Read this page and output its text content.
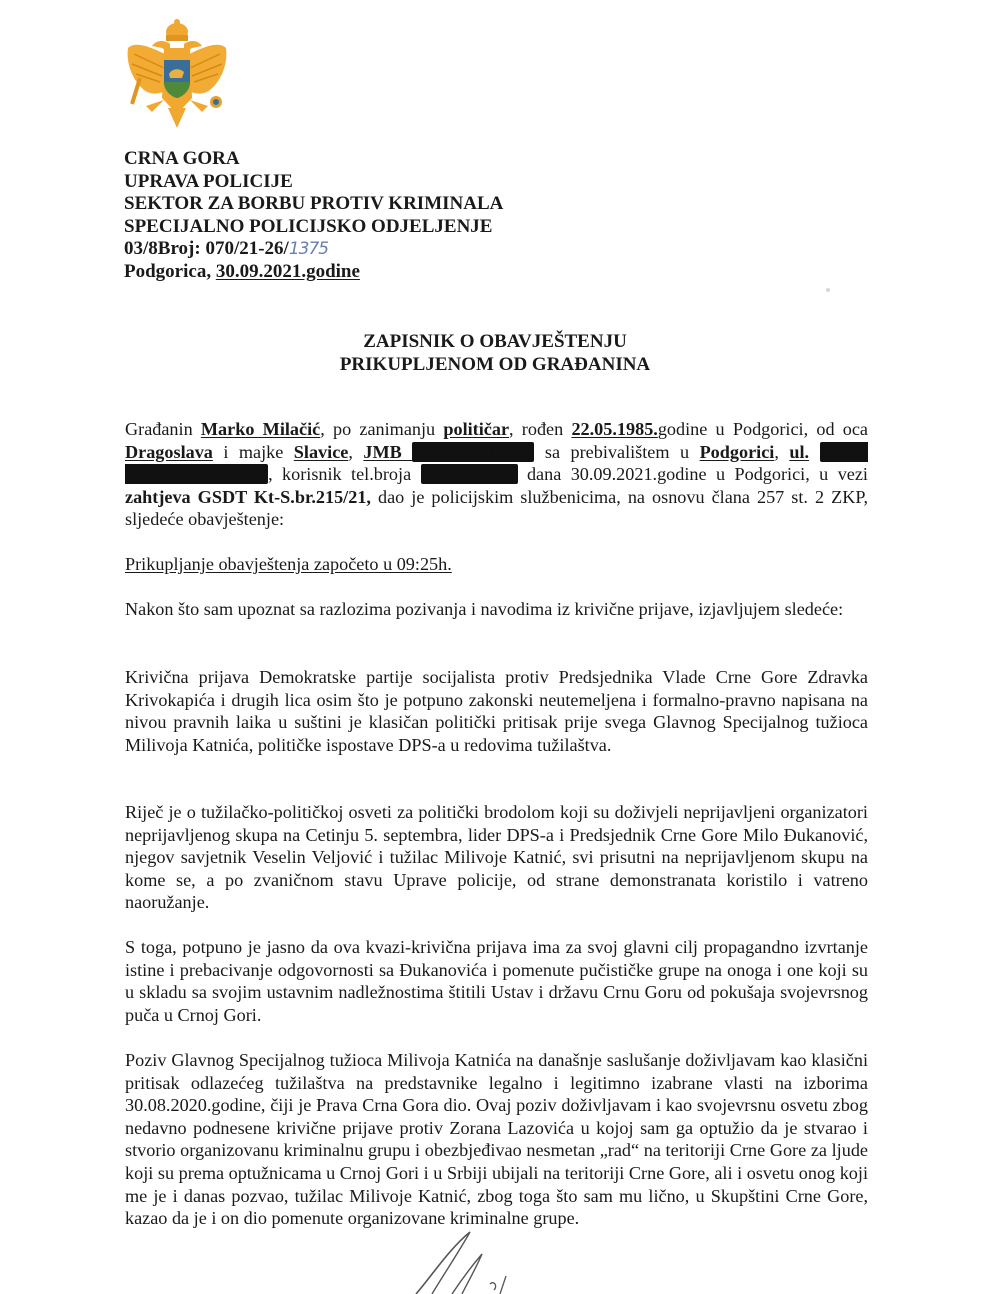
CRNA GORA
UPRAVA POLICIJE
SEKTOR ZA BORBU PROTIV KRIMINALA
SPECIJALNO POLICIJSKO ODJELJENJE
03/8Broj: 070/21-26/1375
Podgorica, 30.09.2021.godine
ZAPISNIK O OBAVJEŠTENJU
PRIKUPLJENOM OD GRAĐANINA

Građanin Marko Milačić, po zanimanju političar, rođen 22.05.1985.godine u Podgorici, od oca Dragoslava i majke Slavice, JMB 2205985210016 sa prebivalištem u Podgorici, ul. Veljka Vlahovića broj 32 , korisnik tel.broja 067/420-252 dana 30.09.2021.godine u Podgorici, u vezi zahtjeva GSDT Kt-S.br.215/21, dao je policijskim službenicima, na osnovu člana 257 st. 2 ZKP, sljedeće obavještenje:

Prikupljanje obavještenja započeto u 09:25h.

Nakon što sam upoznat sa razlozima pozivanja i navodima iz krivične prijave, izjavljujem sledeće:

Krivična prijava Demokratske partije socijalista protiv Predsjednika Vlade Crne Gore Zdravka Krivokapića i drugih lica osim što je potpuno zakonski neutemeljena i formalno-pravno napisana na nivou pravnih laika u suštini je klasičan politički pritisak prije svega Glavnog Specijalnog tužioca Milivoja Katnića, političke ispostave DPS-a u redovima tužilaštva.

Riječ je o tužilačko-političkoj osveti za politički brodolom koji su doživjeli neprijavljeni organizatori neprijavljenog skupa na Cetinju 5. septembra, lider DPS-a i Predsjednik Crne Gore Milo Đukanović, njegov savjetnik Veselin Veljović i tužilac Milivoje Katnić, svi prisutni na neprijavljenom skupu na kome se, a po zvaničnom stavu Uprave policije, od strane demonstranata koristilo i vatreno naoružanje.

S toga, potpuno je jasno da ova kvazi-krivična prijava ima za svoj glavni cilj propagandno izvrtanje istine i prebacivanje odgovornosti sa Đukanovića i pomenute pučističke grupe na onoga i one koji su u skladu sa svojim ustavnim nadležnostima štitili Ustav i državu Crnu Goru od pokušaja svojevrsnog puča u Crnoj Gori.

Poziv Glavnog Specijalnog tužioca Milivoja Katnića na današnje saslušanje doživljavam kao klasični pritisak odlazećeg tužilaštva na predstavnike legalno i legitimno izabrane vlasti na izborima 30.08.2020.godine, čiji je Prava Crna Gora dio. Ovaj poziv doživljavam i kao svojevrsnu osvetu zbog nedavno podnesene krivične prijave protiv Zorana Lazovića u kojoj sam ga optužio da je stvarao i stvorio organizovanu kriminalnu grupu i obezbjeđivao nesmetan „rad“ na teritoriji Crne Gore za ljude koji su prema optužnicama u Crnoj Gori i u Srbiji ubijali na teritoriji Crne Gore, ali i osvetu onog koji me je i danas pozvao, tužilac Milivoje Katnić, zbog toga što sam mu lično, u Skupštini Crne Gore, kazao da je i on dio pomenute organizovane kriminalne grupe.
